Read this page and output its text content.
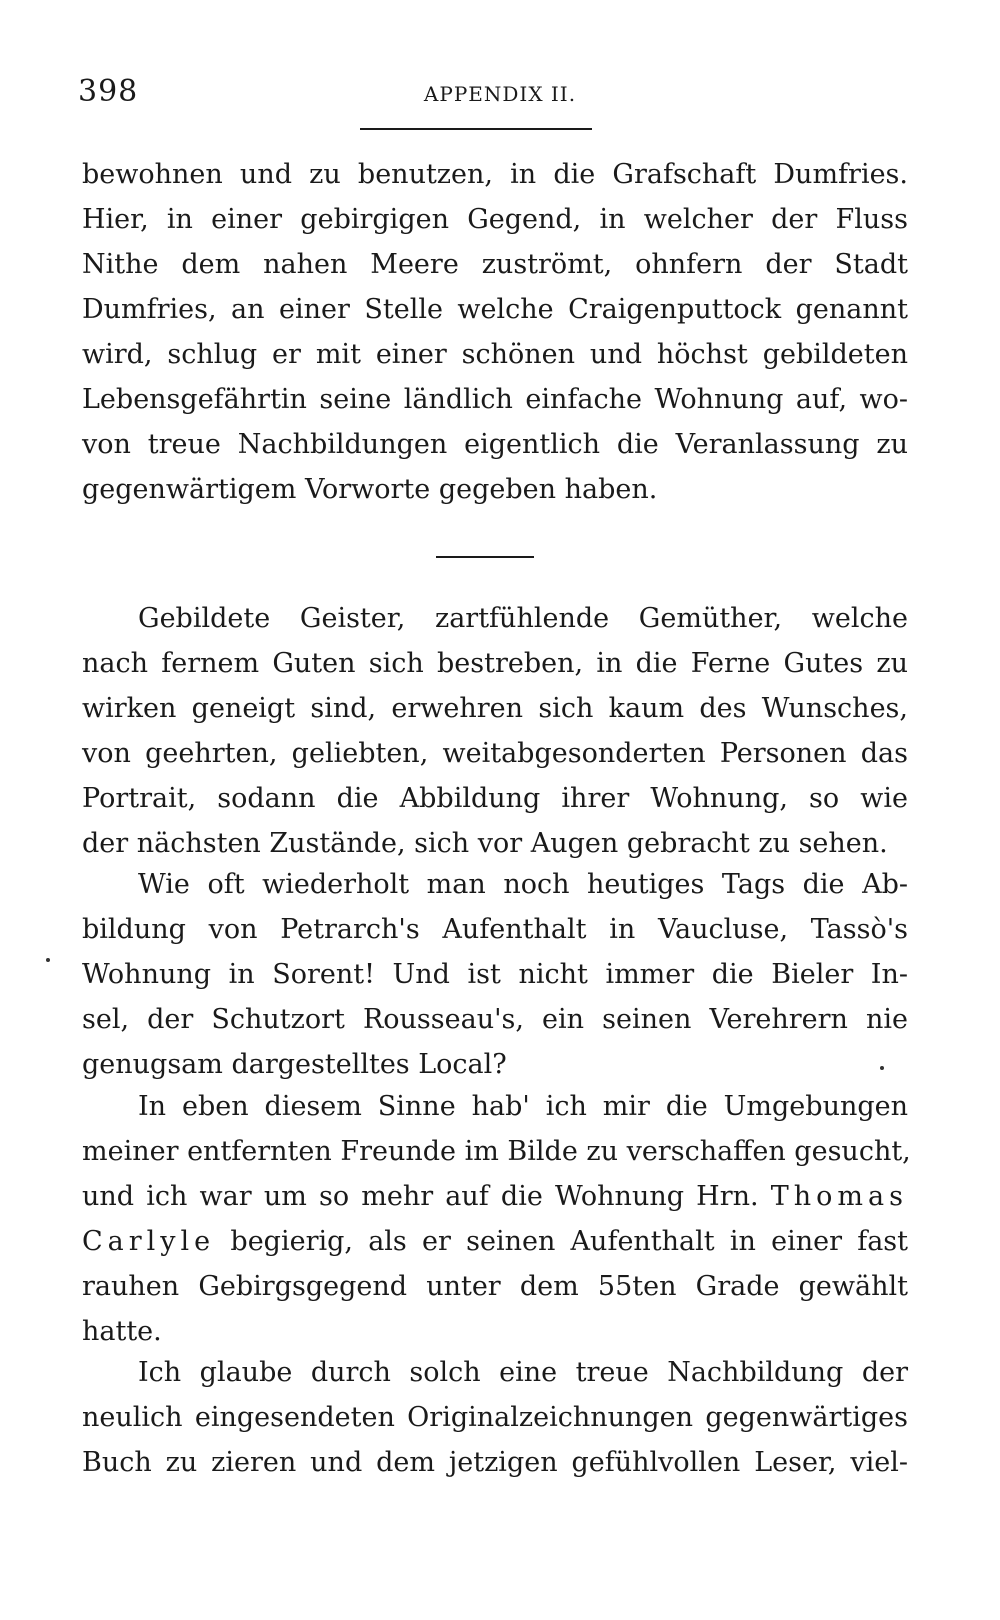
398	APPENDIX II.
bewohnen und zu benutzen, in die Grafschaft Dumfries.
Hier, in einer gebirgigen Gegend, in welcher der Fluss
Nithe dem nahen Meere zuströmt, ohnfern der Stadt
Dumfries, an einer Stelle welche Craigenputtock genannt
wird, schlug er mit einer schönen und höchst gebildeten
Lebensgefährtin seine ländlich einfache Wohnung auf, wo-
von treue Nachbildungen eigentlich die Veranlassung zu
gegenwärtigem Vorworte gegeben haben.
Gebildete Geister, zartfühlende Gemüther, welche
nach fernem Guten sich bestreben, in die Ferne Gutes zu
wirken geneigt sind, erwehren sich kaum des Wunsches,
von geehrten, geliebten, weitabgesonderten Personen das
Portrait, sodann die Abbildung ihrer Wohnung, so wie
der nächsten Zustände, sich vor Augen gebracht zu sehen.
Wie oft wiederholt man noch heutiges Tags die Ab-
bildung von Petrarch's Aufenthalt in Vaucluse, Tassò's
Wohnung in Sorent! Und ist nicht immer die Bieler In-
sel, der Schutzort Rousseau's, ein seinen Verehrern nie
genugsam dargestelltes Local?
In eben diesem Sinne hab' ich mir die Umgebungen
meiner entfernten Freunde im Bilde zu verschaffen gesucht,
und ich war um so mehr auf die Wohnung Hrn. Thomas
Carlyle begierig, als er seinen Aufenthalt in einer fast
rauhen Gebirgsgegend unter dem 55ten Grade gewählt
hatte.
Ich glaube durch solch eine treue Nachbildung der
neulich eingesendeten Originalzeichnungen gegenwärtiges
Buch zu zieren und dem jetzigen gefühlvollen Leser, viel-
